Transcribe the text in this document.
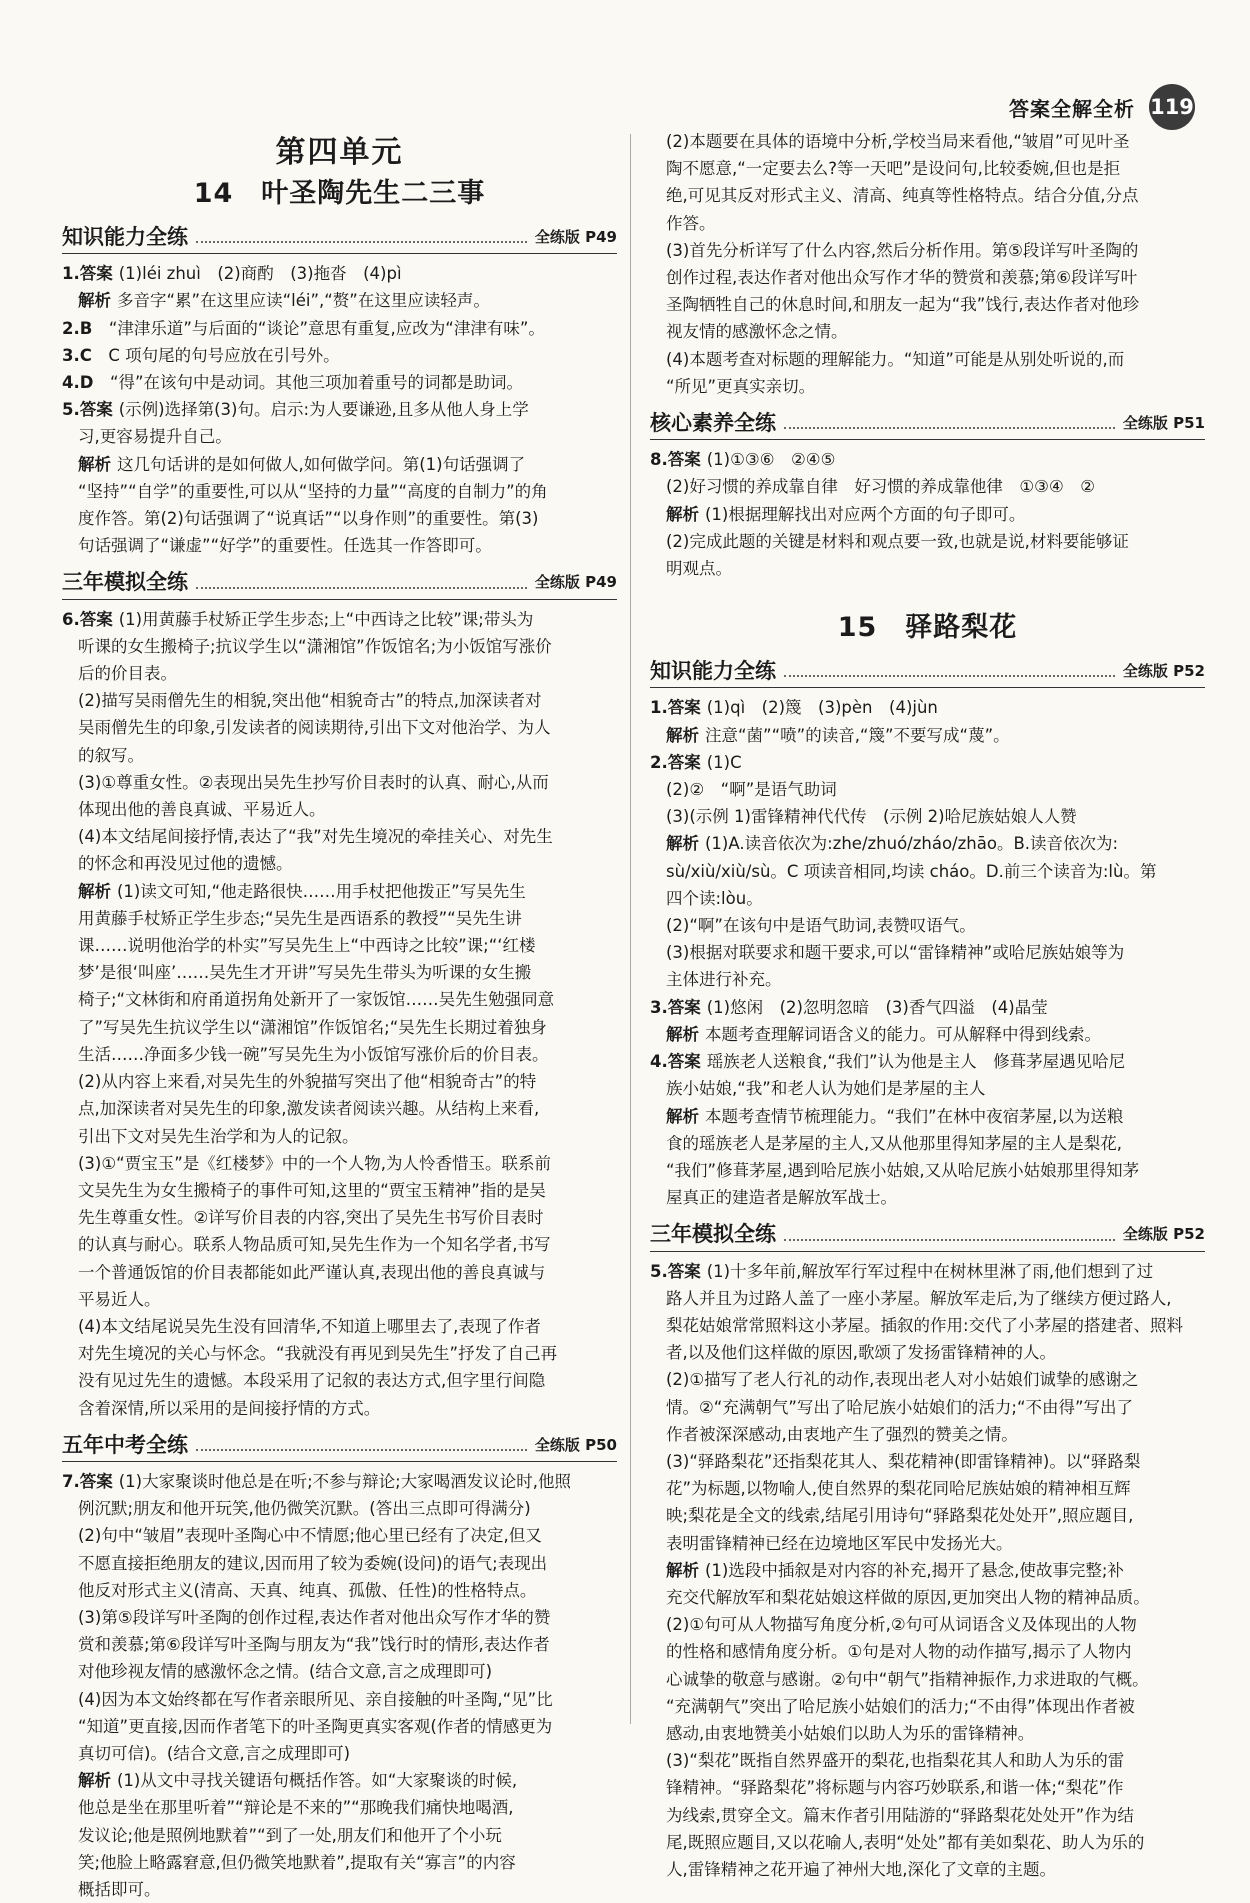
答案全解全析 119
第四单元
14　叶圣陶先生二三事
知识能力全练	全练版 P49

1.答案 (1)léi zhuì　(2)商酌　(3)拖沓　(4)pì

解析 多音字“累”在这里应读“léi”,“赘”在这里应读轻声。

2.B　 “津津乐道”与后面的“谈论”意思有重复,应改为“津津有味”。

3.C　 C 项句尾的句号应放在引号外。

4.D　 “得”在该句中是动词。其他三项加着重号的词都是助词。

5.答案 (示例)选择第(3)句。启示:为人要谦逊,且多从他人身上学

习,更容易提升自己。

解析 这几句话讲的是如何做人,如何做学问。第(1)句话强调了

“坚持”“自学”的重要性,可以从“坚持的力量”“高度的自制力”的角

度作答。第(2)句话强调了“说真话”“以身作则”的重要性。第(3)

句话强调了“谦虚”“好学”的重要性。任选其一作答即可。

三年模拟全练	全练版 P49

6.答案 (1)用黄藤手杖矫正学生步态;上“中西诗之比较”课;带头为

听课的女生搬椅子;抗议学生以“潇湘馆”作饭馆名;为小饭馆写涨价

后的价目表。

(2)描写吴雨僧先生的相貌,突出他“相貌奇古”的特点,加深读者对

吴雨僧先生的印象,引发读者的阅读期待,引出下文对他治学、为人

的叙写。

(3)①尊重女性。②表现出吴先生抄写价目表时的认真、耐心,从而

体现出他的善良真诚、平易近人。

(4)本文结尾间接抒情,表达了“我”对先生境况的牵挂关心、对先生

的怀念和再没见过他的遗憾。

解析 (1)读文可知,“他走路很快……用手杖把他拨正”写吴先生

用黄藤手杖矫正学生步态;“吴先生是西语系的教授”“吴先生讲

课……说明他治学的朴实”写吴先生上“中西诗之比较”课;“‘红楼

梦’是很‘叫座’……吴先生才开讲”写吴先生带头为听课的女生搬

椅子;“文林街和府甬道拐角处新开了一家饭馆……吴先生勉强同意

了”写吴先生抗议学生以“潇湘馆”作饭馆名;“吴先生长期过着独身

生活……净面多少钱一碗”写吴先生为小饭馆写涨价后的价目表。

(2)从内容上来看,对吴先生的外貌描写突出了他“相貌奇古”的特

点,加深读者对吴先生的印象,激发读者阅读兴趣。从结构上来看,

引出下文对吴先生治学和为人的记叙。

(3)①“贾宝玉”是《红楼梦》中的一个人物,为人怜香惜玉。联系前

文吴先生为女生搬椅子的事件可知,这里的“贾宝玉精神”指的是吴

先生尊重女性。②详写价目表的内容,突出了吴先生书写价目表时

的认真与耐心。联系人物品质可知,吴先生作为一个知名学者,书写

一个普通饭馆的价目表都能如此严谨认真,表现出他的善良真诚与

平易近人。

(4)本文结尾说吴先生没有回清华,不知道上哪里去了,表现了作者

对先生境况的关心与怀念。“我就没有再见到吴先生”抒发了自己再

没有见过先生的遗憾。本段采用了记叙的表达方式,但字里行间隐

含着深情,所以采用的是间接抒情的方式。

五年中考全练	全练版 P50

7.答案 (1)大家聚谈时他总是在听;不参与辩论;大家喝酒发议论时,他照

例沉默;朋友和他开玩笑,他仍微笑沉默。(答出三点即可得满分)

(2)句中“皱眉”表现叶圣陶心中不情愿;他心里已经有了决定,但又

不愿直接拒绝朋友的建议,因而用了较为委婉(设问)的语气;表现出

他反对形式主义(清高、天真、纯真、孤傲、任性)的性格特点。

(3)第⑤段详写叶圣陶的创作过程,表达作者对他出众写作才华的赞

赏和羡慕;第⑥段详写叶圣陶与朋友为“我”饯行时的情形,表达作者

对他珍视友情的感激怀念之情。(结合文意,言之成理即可)

(4)因为本文始终都在写作者亲眼所见、亲自接触的叶圣陶,“见”比

“知道”更直接,因而作者笔下的叶圣陶更真实客观(作者的情感更为

真切可信)。(结合文意,言之成理即可)

解析 (1)从文中寻找关键语句概括作答。如“大家聚谈的时候,

他总是坐在那里听着”“辩论是不来的”“那晚我们痛快地喝酒,

发议论;他是照例地默着”“到了一处,朋友们和他开了个小玩

笑;他脸上略露窘意,但仍微笑地默着”,提取有关“寡言”的内容

概括即可。

(2)本题要在具体的语境中分析,学校当局来看他,“皱眉”可见叶圣

陶不愿意,“一定要去么?等一天吧”是设问句,比较委婉,但也是拒

绝,可见其反对形式主义、清高、纯真等性格特点。结合分值,分点

作答。

(3)首先分析详写了什么内容,然后分析作用。第⑤段详写叶圣陶的

创作过程,表达作者对他出众写作才华的赞赏和羡慕;第⑥段详写叶

圣陶牺牲自己的休息时间,和朋友一起为“我”饯行,表达作者对他珍

视友情的感激怀念之情。

(4)本题考查对标题的理解能力。“知道”可能是从别处听说的,而

“所见”更真实亲切。

核心素养全练	全练版 P51

8.答案 (1)①③⑥　②④⑤

(2)好习惯的养成靠自律　好习惯的养成靠他律　①③④　②

解析 (1)根据理解找出对应两个方面的句子即可。

(2)完成此题的关键是材料和观点要一致,也就是说,材料要能够证

明观点。

15　驿路梨花
知识能力全练	全练版 P52

1.答案 (1)qì　(2)篾　(3)pèn　(4)jùn

解析 注意“菌”“喷”的读音,“篾”不要写成“蔑”。

2.答案 (1)C

(2)②　“啊”是语气助词

(3)(示例 1)雷锋精神代代传　(示例 2)哈尼族姑娘人人赞

解析 (1)A.读音依次为:zhe/zhuó/zháo/zhāo。B.读音依次为:

sù/xiù/xiù/sù。C 项读音相同,均读 cháo。D.前三个读音为:lù。第

四个读:lòu。

(2)“啊”在该句中是语气助词,表赞叹语气。

(3)根据对联要求和题干要求,可以“雷锋精神”或哈尼族姑娘等为

主体进行补充。

3.答案 (1)悠闲　(2)忽明忽暗　(3)香气四溢　(4)晶莹

解析 本题考查理解词语含义的能力。可从解释中得到线索。

4.答案 瑶族老人送粮食,“我们”认为他是主人　修葺茅屋遇见哈尼

族小姑娘,“我”和老人认为她们是茅屋的主人

解析 本题考查情节梳理能力。“我们”在林中夜宿茅屋,以为送粮

食的瑶族老人是茅屋的主人,又从他那里得知茅屋的主人是梨花,

“我们”修葺茅屋,遇到哈尼族小姑娘,又从哈尼族小姑娘那里得知茅

屋真正的建造者是解放军战士。

三年模拟全练	全练版 P52

5.答案 (1)十多年前,解放军行军过程中在树林里淋了雨,他们想到了过

路人并且为过路人盖了一座小茅屋。解放军走后,为了继续方便过路人,

梨花姑娘常常照料这小茅屋。插叙的作用:交代了小茅屋的搭建者、照料

者,以及他们这样做的原因,歌颂了发扬雷锋精神的人。

(2)①描写了老人行礼的动作,表现出老人对小姑娘们诚挚的感谢之

情。②“充满朝气”写出了哈尼族小姑娘们的活力;“不由得”写出了

作者被深深感动,由衷地产生了强烈的赞美之情。

(3)“驿路梨花”还指梨花其人、梨花精神(即雷锋精神)。以“驿路梨

花”为标题,以物喻人,使自然界的梨花同哈尼族姑娘的精神相互辉

映;梨花是全文的线索,结尾引用诗句“驿路梨花处处开”,照应题目,

表明雷锋精神已经在边境地区军民中发扬光大。

解析 (1)选段中插叙是对内容的补充,揭开了悬念,使故事完整;补

充交代解放军和梨花姑娘这样做的原因,更加突出人物的精神品质。

(2)①句可从人物描写角度分析,②句可从词语含义及体现出的人物

的性格和感情角度分析。①句是对人物的动作描写,揭示了人物内

心诚挚的敬意与感谢。②句中“朝气”指精神振作,力求进取的气概。

“充满朝气”突出了哈尼族小姑娘们的活力;“不由得”体现出作者被

感动,由衷地赞美小姑娘们以助人为乐的雷锋精神。

(3)“梨花”既指自然界盛开的梨花,也指梨花其人和助人为乐的雷

锋精神。“驿路梨花”将标题与内容巧妙联系,和谐一体;“梨花”作

为线索,贯穿全文。篇末作者引用陆游的“驿路梨花处处开”作为结

尾,既照应题目,又以花喻人,表明“处处”都有美如梨花、助人为乐的

人,雷锋精神之花开遍了神州大地,深化了文章的主题。
